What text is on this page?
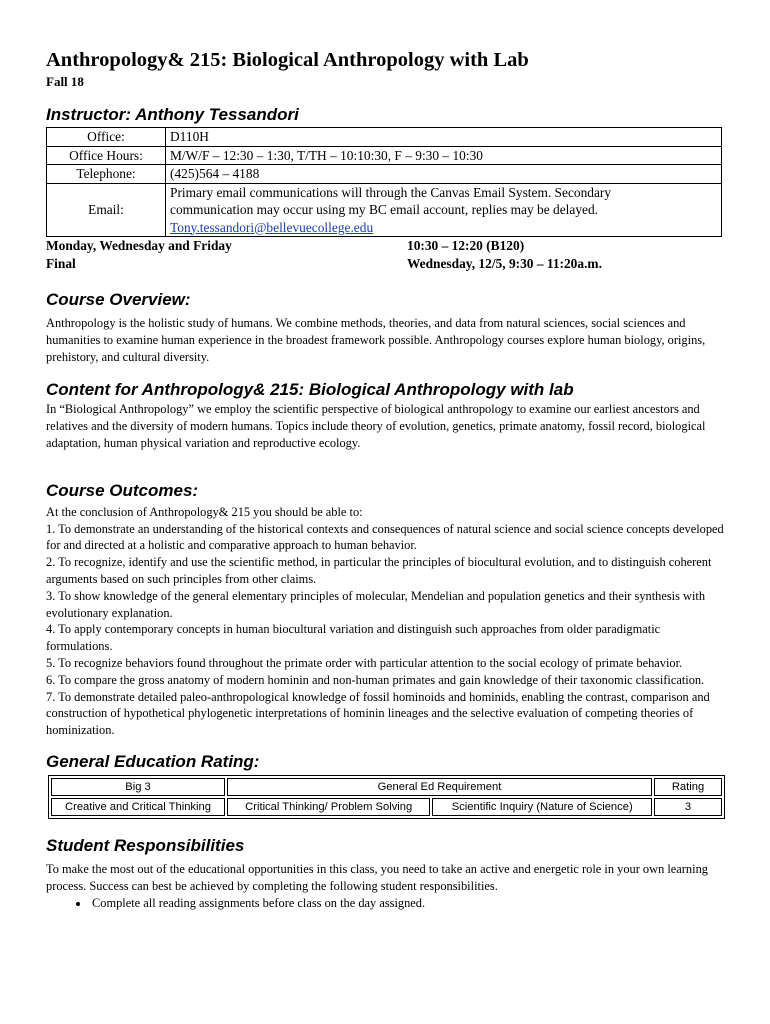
Anthropology& 215: Biological Anthropology with Lab
Fall 18
Instructor: Anthony Tessandori
Office:	D110H
Office Hours:	M/W/F – 12:30 – 1:30, T/TH – 10:10:30, F – 9:30 – 10:30
Telephone:	(425)564 – 4188
Email:	Primary email communications will through the Canvas Email System. Secondary
communication may occur using my BC email account, replies may be delayed.
Tony.tessandori@bellevuecollege.edu
Monday, Wednesday and Friday	10:30 – 12:20 (B120)
Final	Wednesday, 12/5, 9:30 – 11:20a.m.
Course Overview:

Anthropology is the holistic study of humans. We combine methods, theories, and data from natural sciences, social sciences and humanities to examine human experience in the broadest framework possible. Anthropology courses explore human biology, origins, prehistory, and cultural diversity.

Content for Anthropology& 215: Biological Anthropology with lab

In “Biological Anthropology” we employ the scientific perspective of biological anthropology to examine our earliest ancestors and relatives and the diversity of modern humans. Topics include theory of evolution, genetics, primate anatomy, fossil record, biological adaptation, human physical variation and reproductive ecology.

Course Outcomes:

At the conclusion of Anthropology& 215 you should be able to:

1. To demonstrate an understanding of the historical contexts and consequences of natural science and social science concepts developed for and directed at a holistic and comparative approach to human behavior.

2. To recognize, identify and use the scientific method, in particular the principles of biocultural evolution, and to distinguish coherent arguments based on such principles from other claims.

3. To show knowledge of the general elementary principles of molecular, Mendelian and population genetics and their synthesis with evolutionary explanation.

4. To apply contemporary concepts in human biocultural variation and distinguish such approaches from older paradigmatic formulations.

5. To recognize behaviors found throughout the primate order with particular attention to the social ecology of primate behavior.

6. To compare the gross anatomy of modern hominin and non-human primates and gain knowledge of their taxonomic classification.

7. To demonstrate detailed paleo-anthropological knowledge of fossil hominoids and hominids, enabling the contrast, comparison and construction of hypothetical phylogenetic interpretations of hominin lineages and the selective evaluation of competing theories of hominization.

General Education Rating:
Big 3	General Ed Requirement		Rating
Creative and Critical Thinking	Critical Thinking/ Problem Solving	Scientific Inquiry (Nature of Science)	3
Student Responsibilities

To make the most out of the educational opportunities in this class, you need to take an active and energetic role in your own learning process. Success can best be achieved by completing the following student responsibilities.

• Complete all reading assignments before class on the day assigned.
